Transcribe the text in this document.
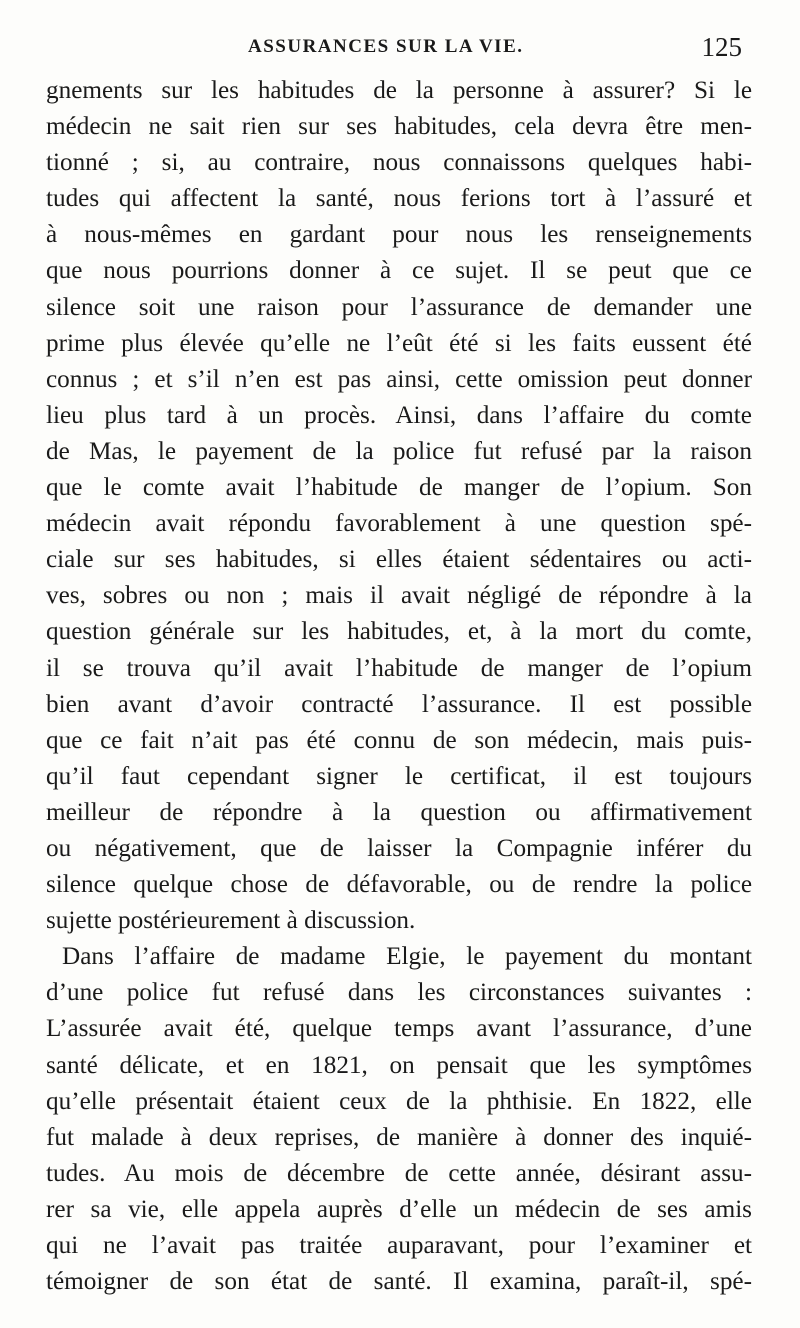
ASSURANCES SUR LA VIE.	125
gnements sur les habitudes de la personne à assurer? Si le
médecin ne sait rien sur ses habitudes, cela devra être men-
tionné ; si, au contraire, nous connaissons quelques habi-
tudes qui affectent la santé, nous ferions tort à l’assuré et
à nous-mêmes en gardant pour nous les renseignements
que nous pourrions donner à ce sujet. Il se peut que ce
silence soit une raison pour l’assurance de demander une
prime plus élevée qu’elle ne l’eût été si les faits eussent été
connus ; et s’il n’en est pas ainsi, cette omission peut donner
lieu plus tard à un procès. Ainsi, dans l’affaire du comte
de Mas, le payement de la police fut refusé par la raison
que le comte avait l’habitude de manger de l’opium. Son
médecin avait répondu favorablement à une question spé-
ciale sur ses habitudes, si elles étaient sédentaires ou acti-
ves, sobres ou non ; mais il avait négligé de répondre à la
question générale sur les habitudes, et, à la mort du comte,
il se trouva qu’il avait l’habitude de manger de l’opium
bien avant d’avoir contracté l’assurance. Il est possible
que ce fait n’ait pas été connu de son médecin, mais puis-
qu’il faut cependant signer le certificat, il est toujours
meilleur de répondre à la question ou affirmativement
ou négativement, que de laisser la Compagnie inférer du
silence quelque chose de défavorable, ou de rendre la police
sujette postérieurement à discussion.
Dans l’affaire de madame Elgie, le payement du montant
d’une police fut refusé dans les circonstances suivantes :
L’assurée avait été, quelque temps avant l’assurance, d’une
santé délicate, et en 1821, on pensait que les symptômes
qu’elle présentait étaient ceux de la phthisie. En 1822, elle
fut malade à deux reprises, de manière à donner des inquié-
tudes. Au mois de décembre de cette année, désirant assu-
rer sa vie, elle appela auprès d’elle un médecin de ses amis
qui ne l’avait pas traitée auparavant, pour l’examiner et
témoigner de son état de santé. Il examina, paraît-il, spé-
